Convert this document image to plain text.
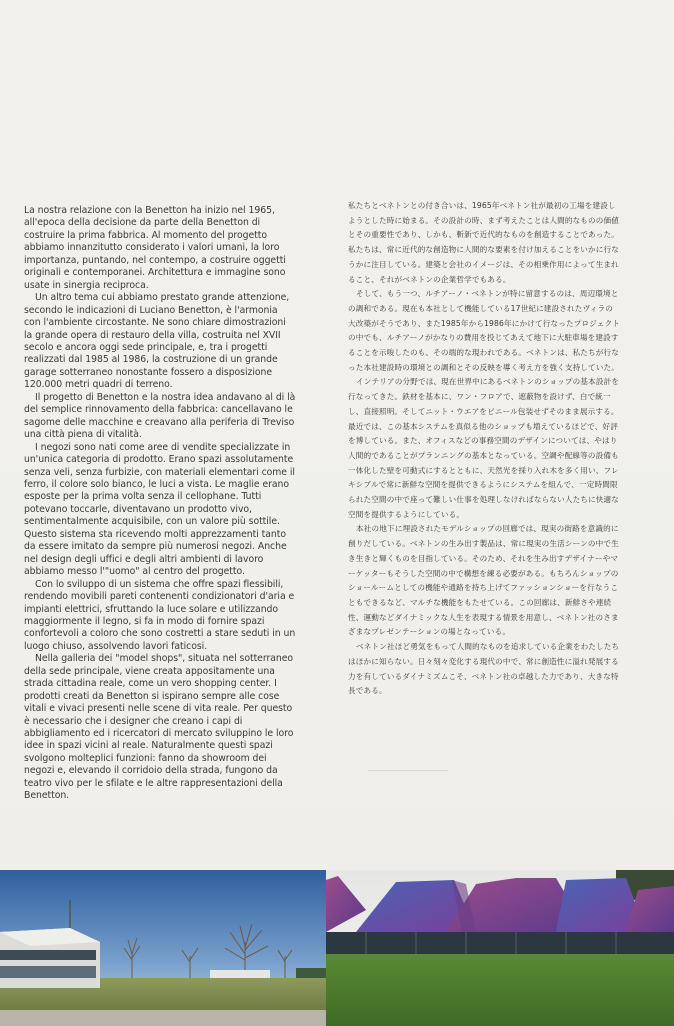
La nostra relazione con la Benetton ha inizio nel 1965, all'epoca della decisione da parte della Benetton di costruire la prima fabbrica. Al momento del progetto abbiamo innanzitutto considerato i valori umani, la loro importanza, puntando, nel contempo, a costruire oggetti originali e contemporanei. Architettura e immagine sono usate in sinergia reciproca.

Un altro tema cui abbiamo prestato grande attenzione, secondo le indicazioni di Luciano Benetton, è l'armonia con l'ambiente circostante. Ne sono chiare dimostrazioni la grande opera di restauro della villa, costruita nel XVII secolo e ancora oggi sede principale, e, tra i progetti realizzati dal 1985 al 1986, la costruzione di un grande garage sotterraneo nonostante fossero a disposizione 120.000 metri quadri di terreno.

Il progetto di Benetton e la nostra idea andavano al di là del semplice rinnovamento della fabbrica: cancellavano le sagome delle macchine e creavano alla periferia di Treviso una città piena di vitalità.

I negozi sono nati come aree di vendite specializzate in un'unica categoria di prodotto. Erano spazi assolutamente senza veli, senza furbizie, con materiali elementari come il ferro, il colore solo bianco, le luci a vista. Le maglie erano esposte per la prima volta senza il cellophane. Tutti potevano toccarle, diventavano un prodotto vivo, sentimentalmente acquisibile, con un valore più sottile. Questo sistema sta ricevendo molti apprezzamenti tanto da essere imitato da sempre più numerosi negozi. Anche nel design degli uffici e degli altri ambienti di lavoro abbiamo messo l'"uomo" al centro del progetto.

Con lo sviluppo di un sistema che offre spazi flessibili, rendendo movibili pareti contenenti condizionatori d'aria e impianti elettrici, sfruttando la luce solare e utilizzando maggiormente il legno, si fa in modo di fornire spazi confortevoli a coloro che sono costretti a stare seduti in un luogo chiuso, assolvendo lavori faticosi.

Nella galleria dei "model shops", situata nel sotterraneo della sede principale, viene creata appositamente una strada cittadina reale, come un vero shopping center. I prodotti creati da Benetton si ispirano sempre alle cose vitali e vivaci presenti nelle scene di vita reale. Per questo è necessario che i designer che creano i capi di abbigliamento ed i ricercatori di mercato sviluppino le loro idee in spazi vicini al reale. Naturalmente questi spazi svolgono molteplici funzioni: fanno da showroom dei negozi e, elevando il corridoio della strada, fungono da teatro vivo per le sfilate e le altre rappresentazioni della Benetton.

私たちとベネトンとの付き合いは、1965年ベネトン社が最初の工場を建設しようとした時に始まる。その設計の時、まず考えたことは人間的なものの価値とその重要性であり、しかも、斬新で近代的なものを創造することであった。私たちは、常に近代的な創造物に人間的な要素を付け加えることをいかに行なうかに注目している。建築と会社のイメージは、その相乗作用によって生まれること、それがベネトンの企業哲学でもある。

そして、もう一つ、ルチアーノ・ベネトンが特に留意するのは、周辺環境との調和である。現在も本社として機能している17世紀に建設されたヴィラの大改築がそうであり、また1985年から1986年にかけて行なったプロジェクトの中でも、ルチアーノがかなりの費用を投じてあえて地下に大駐車場を建設することを示唆したのも、その端的な現われである。ベネトンは、私たちが行なった本社建設時の環境との調和とその反映を導く考え方を強く支持していた。

インテリアの分野では、現在世界中にあるベネトンのショップの基本設計を行なってきた。鉄材を基本に、ワン・フロアで、遮蔽物を設けず、白で統一し、直接照明。そしてニット・ウエアをビニール包装せずそのまま展示する。最近では、この基本システムを真似る他のショップも増えているほどで、好評を博している。また、オフィスなどの事務空間のデザインについては、やはり人間的であることがプランニングの基本となっている。空調や配線等の設備も一体化した壁を可動式にするとともに、天然光を採り入れ木を多く用い、フレキシブルで常に新鮮な空間を提供できるようにシステムを組んで、一定時間限られた空間の中で座って難しい仕事を処理しなければならない人たちに快適な空間を提供するようにしている。

本社の地下に埋設されたモデルショップの回廊では、現実の街路を意識的に創りだしている。ベネトンの生み出す製品は、常に現実の生活シーンの中で生き生きと輝くものを目指している。そのため、それを生み出すデザイナーやマーケッターもそうした空間の中で構想を練る必要がある。もちろんショップのショールームとしての機能や通路を持ち上げてファッションショーを行なうこともできるなど、マルチな機能をもたせている。この回廊は、新鮮さや連続性、運動などダイナミックな人生を表現する情景を用意し、ベネトン社のさまざまなプレゼンテーションの場となっている。

ベネトン社ほど勇気をもって人間的なものを追求している企業をわたしたちはほかに知らない。日々刻々変化する現代の中で、常に創造性に溢れ発展する力を有しているダイナミズムこそ、ベネトン社の卓越した力であり、大きな特長である。
